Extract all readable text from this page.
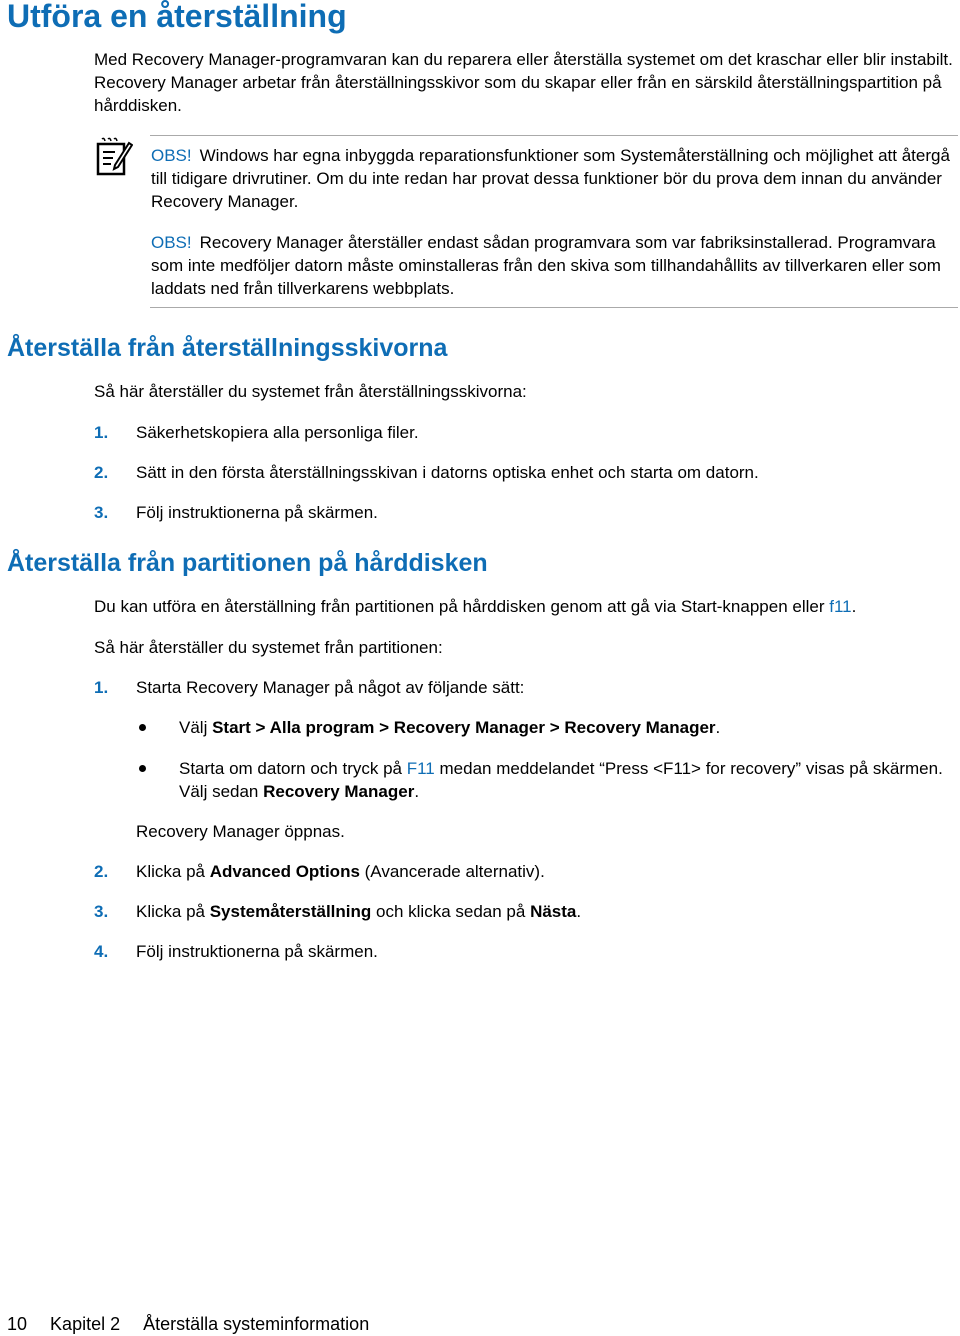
Utföra en återställning

Med Recovery Manager-programvaran kan du reparera eller återställa systemet om det kraschar eller blir instabilt. Recovery Manager arbetar från återställningsskivor som du skapar eller från en särskild återställningspartition på hårddisken.

OBS! Windows har egna inbyggda reparationsfunktioner som Systemåterställning och möjlighet att återgå till tidigare drivrutiner. Om du inte redan har provat dessa funktioner bör du prova dem innan du använder Recovery Manager.

OBS! Recovery Manager återställer endast sådan programvara som var fabriksinstallerad. Programvara som inte medföljer datorn måste ominstalleras från den skiva som tillhandahållits av tillverkaren eller som laddats ned från tillverkarens webbplats.

Återställa från återställningsskivorna

Så här återställer du systemet från återställningsskivorna:

1. Säkerhetskopiera alla personliga filer.
2. Sätt in den första återställningsskivan i datorns optiska enhet och starta om datorn.
3. Följ instruktionerna på skärmen.
Återställa från partitionen på hårddisken

Du kan utföra en återställning från partitionen på hårddisken genom att gå via Start-knappen eller f11.

Så här återställer du systemet från partitionen:

1. Starta Recovery Manager på något av följande sätt:
Välj Start > Alla program > Recovery Manager > Recovery Manager.
Starta om datorn och tryck på F11 medan meddelandet “Press <F11> for recovery” visas på skärmen. Välj sedan Recovery Manager.

Recovery Manager öppnas.

2. Klicka på Advanced Options (Avancerade alternativ).
3. Klicka på Systemåterställning och klicka sedan på Nästa.
4. Följ instruktionerna på skärmen.
10 Kapitel 2 Återställa systeminformation
